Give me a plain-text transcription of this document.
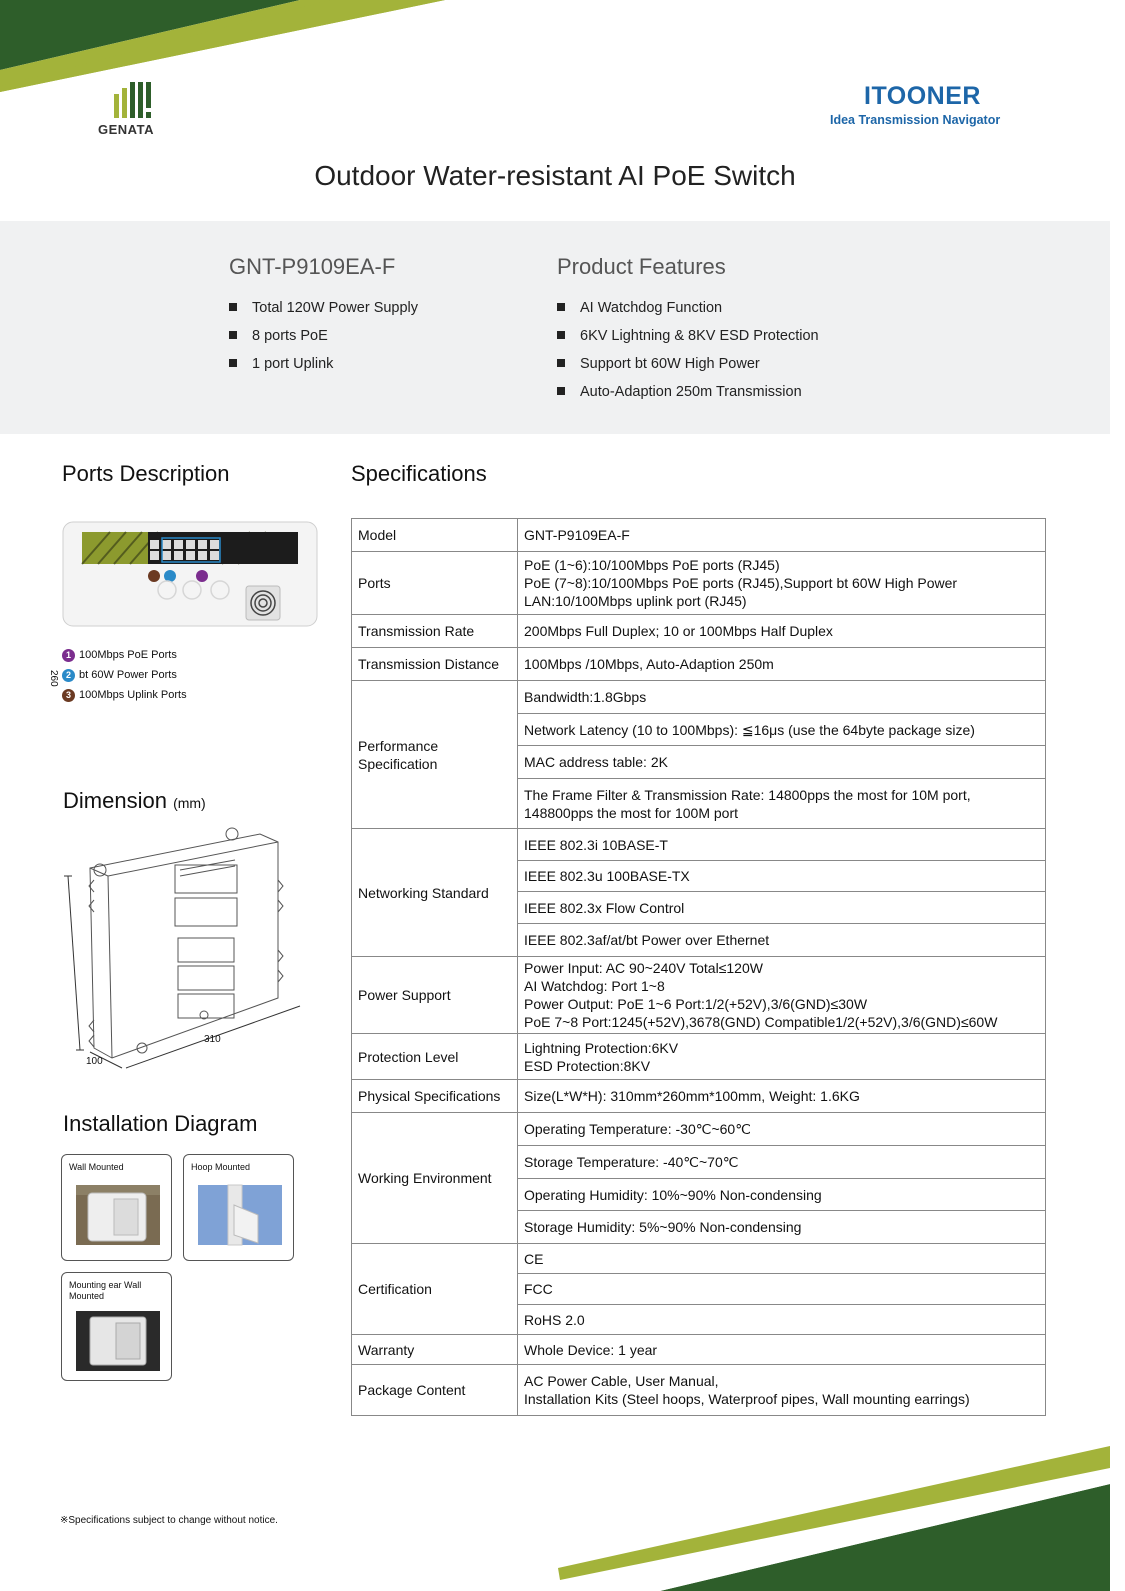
GENATA
ITOONER
Idea Transmission Navigator
Outdoor Water-resistant AI PoE Switch
GNT-P9109EA-F
Total 120W Power Supply
8 ports PoE
1 port Uplink
Product Features
AI Watchdog Function
6KV Lightning & 8KV ESD Protection
Support bt 60W High Power
Auto-Adaption 250m Transmission
Ports Description
1 100Mbps PoE Ports
2 bt 60W Power Ports
3 100Mbps Uplink Ports
Dimension (mm)
260
100
310
Installation Diagram
Wall Mounted	Hoop Mounted
Mounting ear Wall Mounted
Specifications
Model	GNT-P9109EA-F
Ports	PoE (1~6):10/100Mbps PoE ports (RJ45)
PoE (7~8):10/100Mbps PoE ports (RJ45),Support bt 60W High Power
LAN:10/100Mbps uplink port (RJ45)

Transmission Rate	200Mbps Full Duplex; 10 or 100Mbps Half Duplex
Transmission Distance	100Mbps /10Mbps, Auto-Adaption 250m
Performance Specification	Bandwidth:1.8Gbps
	Network Latency (10 to 100Mbps): ≦16μs (use the 64byte package size)
	MAC address table: 2K

	The Frame Filter & Transmission Rate: 14800pps the most for 10M port,
148800pps the most for 100M port

Networking Standard	IEEE 802.3i 10BASE-T
	IEEE 802.3u 100BASE-TX
	IEEE 802.3x Flow Control
	IEEE 802.3af/at/bt Power over Ethernet
Power Support	Power Input: AC 90~240V Total≤120W
AI Watchdog: Port 1~8
Power Output: PoE 1~6 Port:1/2(+52V),3/6(GND)≤30W
PoE 7~8 Port:1245(+52V),3678(GND) Compatible1/2(+52V),3/6(GND)≤60W

Protection Level	Lightning Protection:6KV
ESD Protection:8KV

Physical Specifications	Size(L*W*H): 310mm*260mm*100mm, Weight: 1.6KG
Working Environment	Operating Temperature: -30℃~60℃
	Storage Temperature: -40℃~70℃
	Operating Humidity: 10%~90% Non-condensing
	Storage Humidity: 5%~90% Non-condensing
Certification	CE
	FCC
	RoHS 2.0
Warranty	Whole Device: 1 year
Package Content	AC Power Cable, User Manual,
Installation Kits (Steel hoops, Waterproof pipes, Wall mounting earrings)
※Specifications subject to change without notice.
